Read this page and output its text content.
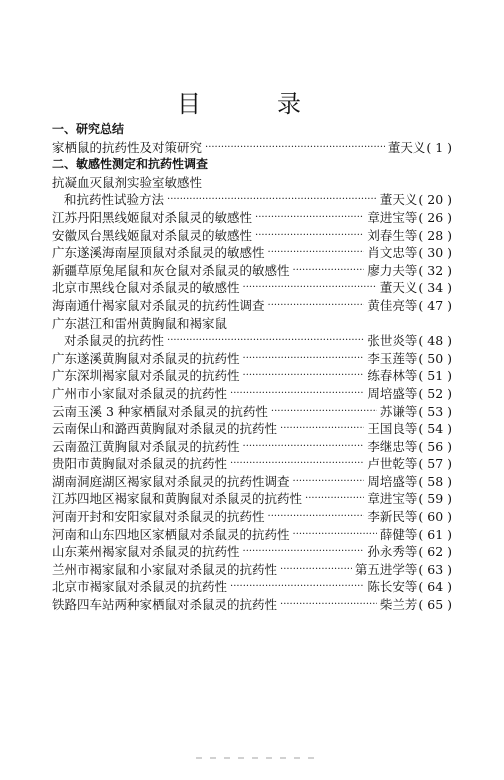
目　录
一、研究总结
家栖鼠的抗药性及对策研究 ·····	董天义 ( 1 )
二、敏感性测定和抗药性调查
抗凝血灭鼠剂实验室敏感性
和抗药性试验方法 ·····	董天义 ( 20 )
江苏丹阳黑线姬鼠对杀鼠灵的敏感性 ·····	章进宝等 ( 26 )
安徽凤台黑线姬鼠对杀鼠灵的敏感性 ·····	刘春生等 ( 28 )
广东遂溪海南屋顶鼠对杀鼠灵的敏感性 ·····	肖文忠等 ( 30 )
新疆草原兔尾鼠和灰仓鼠对杀鼠灵的敏感性 ·····	廖力夫等 ( 32 )
北京市黑线仓鼠对杀鼠灵的敏感性 ·····	董天义 ( 34 )
海南通什褐家鼠对杀鼠灵的抗药性调查 ·····	黄佳亮等 ( 47 )
广东湛江和雷州黄胸鼠和褐家鼠
对杀鼠灵的抗药性 ·····	张世炎等 ( 48 )
广东遂溪黄胸鼠对杀鼠灵的抗药性 ·····	李玉莲等 ( 50 )
广东深圳褐家鼠对杀鼠灵的抗药性 ·····	练春林等 ( 51 )
广州市小家鼠对杀鼠灵的抗药性 ·····	周培盛等 ( 52 )
云南玉溪 3 种家栖鼠对杀鼠灵的抗药性 ·····	苏谦等 ( 53 )
云南保山和潞西黄胸鼠对杀鼠灵的抗药性 ·····	王国良等 ( 54 )
云南盈江黄胸鼠对杀鼠灵的抗药性 ·····	李继忠等 ( 56 )
贵阳市黄胸鼠对杀鼠灵的抗药性 ·····	卢世乾等 ( 57 )
湖南洞庭湖区褐家鼠对杀鼠灵的抗药性调查 ·····	周培盛等 ( 58 )
江苏四地区褐家鼠和黄胸鼠对杀鼠灵的抗药性 ·····	章进宝等 ( 59 )
河南开封和安阳家鼠对杀鼠灵的抗药性 ·····	李新民等 ( 60 )
河南和山东四地区家栖鼠对杀鼠灵的抗药性 ·····	薛健等 ( 61 )
山东莱州褐家鼠对杀鼠灵的抗药性 ·····	孙永秀等 ( 62 )
兰州市褐家鼠和小家鼠对杀鼠灵的抗药性 ·····	第五进学等 ( 63 )
北京市褐家鼠对杀鼠灵的抗药性 ·····	陈长安等 ( 64 )
铁路四车站两种家栖鼠对杀鼠灵的抗药性 ·····	柴兰芳 ( 65 )
